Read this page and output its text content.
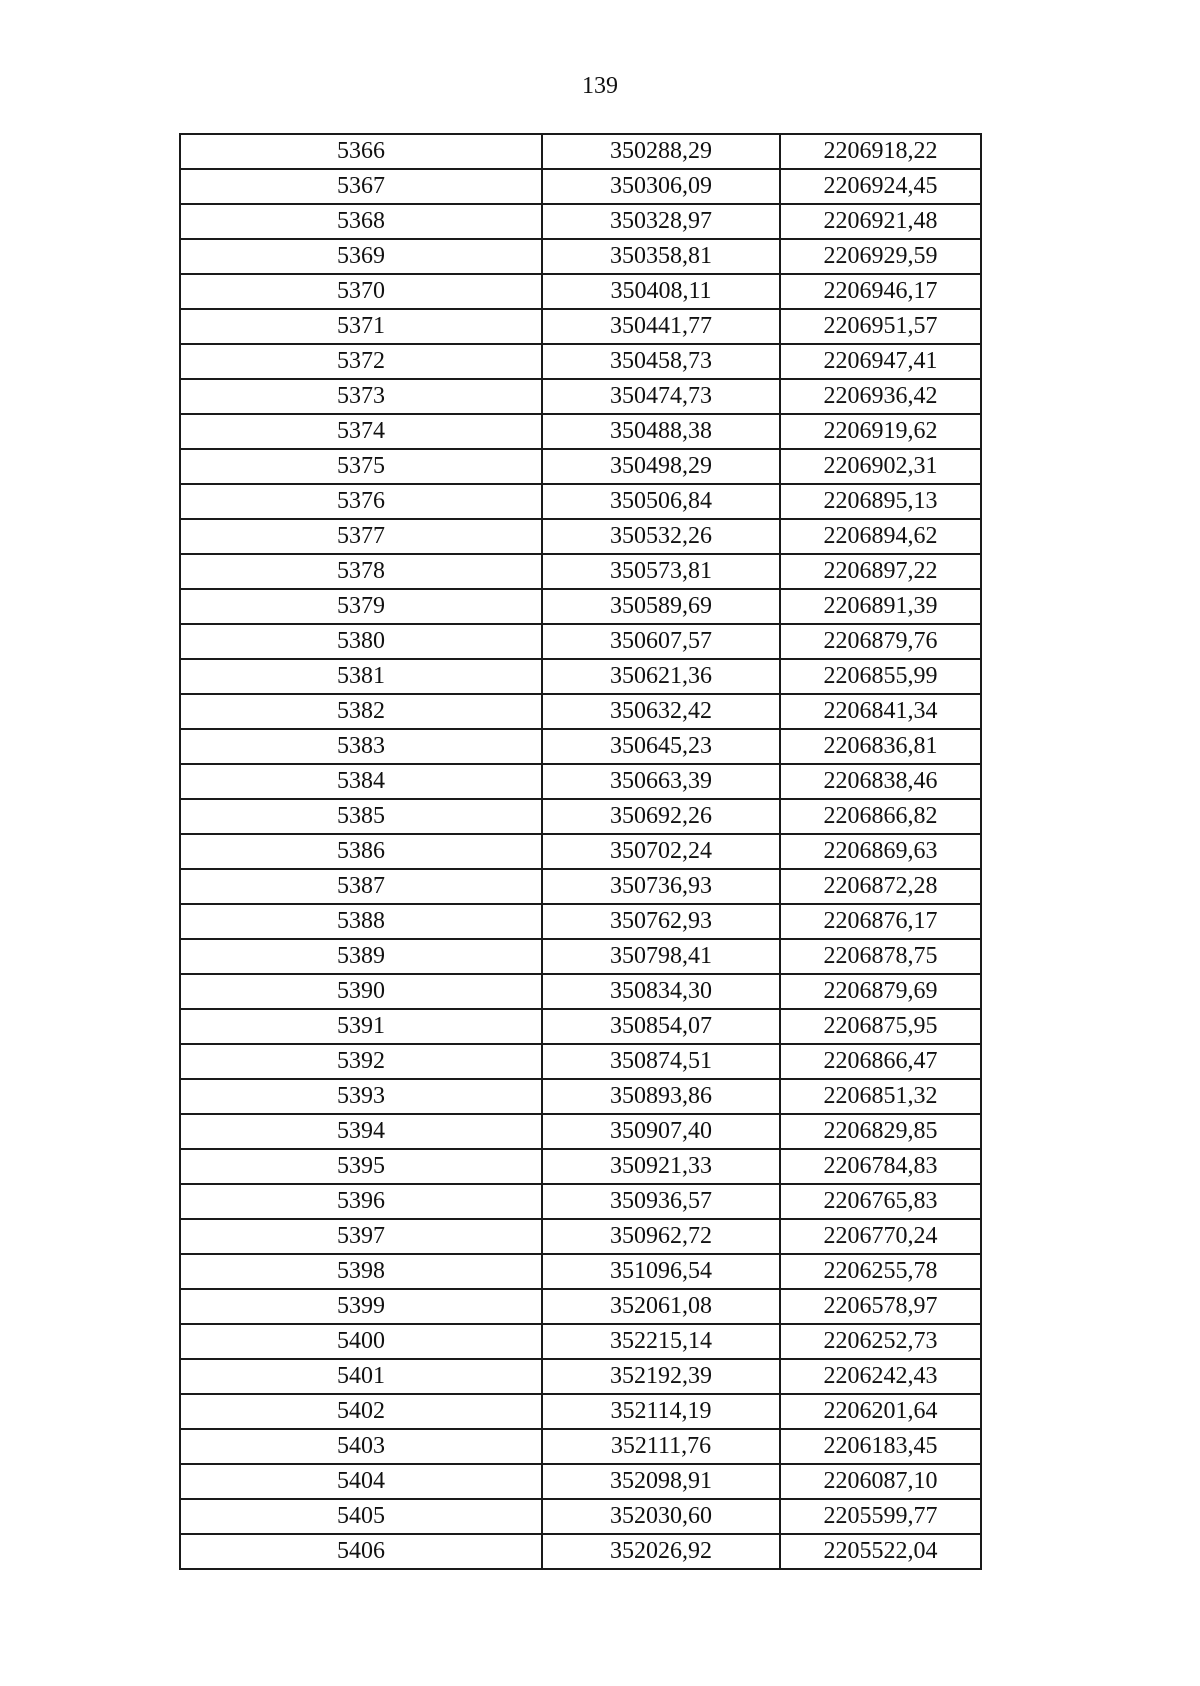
139
5366	350288,29	2206918,22
5367	350306,09	2206924,45
5368	350328,97	2206921,48
5369	350358,81	2206929,59
5370	350408,11	2206946,17
5371	350441,77	2206951,57
5372	350458,73	2206947,41
5373	350474,73	2206936,42
5374	350488,38	2206919,62
5375	350498,29	2206902,31
5376	350506,84	2206895,13
5377	350532,26	2206894,62
5378	350573,81	2206897,22
5379	350589,69	2206891,39
5380	350607,57	2206879,76
5381	350621,36	2206855,99
5382	350632,42	2206841,34
5383	350645,23	2206836,81
5384	350663,39	2206838,46
5385	350692,26	2206866,82
5386	350702,24	2206869,63
5387	350736,93	2206872,28
5388	350762,93	2206876,17
5389	350798,41	2206878,75
5390	350834,30	2206879,69
5391	350854,07	2206875,95
5392	350874,51	2206866,47
5393	350893,86	2206851,32
5394	350907,40	2206829,85
5395	350921,33	2206784,83
5396	350936,57	2206765,83
5397	350962,72	2206770,24
5398	351096,54	2206255,78
5399	352061,08	2206578,97
5400	352215,14	2206252,73
5401	352192,39	2206242,43
5402	352114,19	2206201,64
5403	352111,76	2206183,45
5404	352098,91	2206087,10
5405	352030,60	2205599,77
5406	352026,92	2205522,04
